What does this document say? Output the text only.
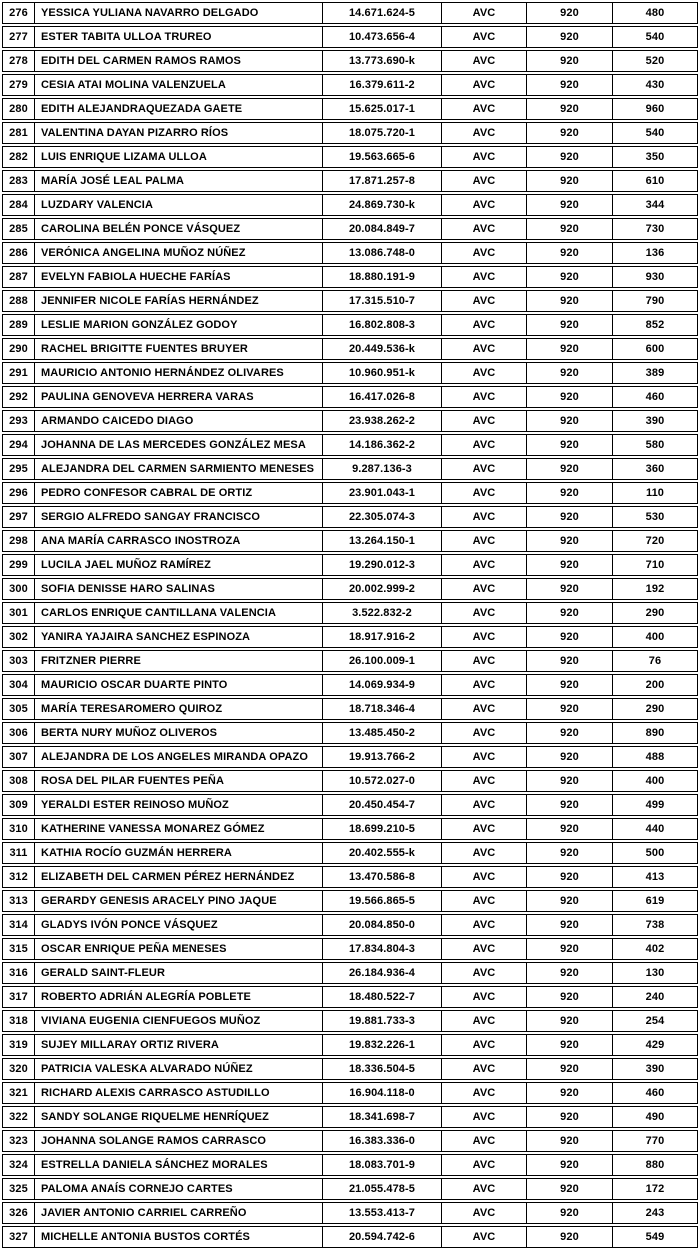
276	YESSICA YULIANA NAVARRO DELGADO	14.671.624-5	AVC	920	480
277	ESTER TABITA ULLOA TRUREO	10.473.656-4	AVC	920	540
278	EDITH DEL CARMEN RAMOS RAMOS	13.773.690-k	AVC	920	520
279	CESIA ATAI MOLINA VALENZUELA	16.379.611-2	AVC	920	430
280	EDITH ALEJANDRAQUEZADA GAETE	15.625.017-1	AVC	920	960
281	VALENTINA DAYAN PIZARRO RÍOS	18.075.720-1	AVC	920	540
282	LUIS ENRIQUE LIZAMA ULLOA	19.563.665-6	AVC	920	350
283	MARÍA JOSÉ LEAL PALMA	17.871.257-8	AVC	920	610
284	LUZDARY VALENCIA	24.869.730-k	AVC	920	344
285	CAROLINA BELÉN PONCE VÁSQUEZ	20.084.849-7	AVC	920	730
286	VERÓNICA ANGELINA MUÑOZ NÚÑEZ	13.086.748-0	AVC	920	136
287	EVELYN FABIOLA HUECHE FARÍAS	18.880.191-9	AVC	920	930
288	JENNIFER NICOLE FARÍAS HERNÁNDEZ	17.315.510-7	AVC	920	790
289	LESLIE MARION GONZÁLEZ GODOY	16.802.808-3	AVC	920	852
290	RACHEL BRIGITTE FUENTES BRUYER	20.449.536-k	AVC	920	600
291	MAURICIO ANTONIO HERNÁNDEZ OLIVARES	10.960.951-k	AVC	920	389
292	PAULINA GENOVEVA HERRERA VARAS	16.417.026-8	AVC	920	460
293	ARMANDO CAICEDO DIAGO	23.938.262-2	AVC	920	390
294	JOHANNA DE LAS MERCEDES GONZÁLEZ MESA	14.186.362-2	AVC	920	580
295	ALEJANDRA DEL CARMEN SARMIENTO MENESES	9.287.136-3	AVC	920	360
296	PEDRO CONFESOR CABRAL DE ORTIZ	23.901.043-1	AVC	920	110
297	SERGIO ALFREDO SANGAY FRANCISCO	22.305.074-3	AVC	920	530
298	ANA MARÍA CARRASCO INOSTROZA	13.264.150-1	AVC	920	720
299	LUCILA JAEL MUÑOZ RAMÍREZ	19.290.012-3	AVC	920	710
300	SOFIA DENISSE HARO SALINAS	20.002.999-2	AVC	920	192
301	CARLOS ENRIQUE CANTILLANA VALENCIA	3.522.832-2	AVC	920	290
302	YANIRA YAJAIRA SANCHEZ ESPINOZA	18.917.916-2	AVC	920	400
303	FRITZNER PIERRE	26.100.009-1	AVC	920	76
304	MAURICIO OSCAR DUARTE PINTO	14.069.934-9	AVC	920	200
305	MARÍA TERESAROMERO QUIROZ	18.718.346-4	AVC	920	290
306	BERTA NURY MUÑOZ OLIVEROS	13.485.450-2	AVC	920	890
307	ALEJANDRA DE LOS ANGELES MIRANDA OPAZO	19.913.766-2	AVC	920	488
308	ROSA DEL PILAR FUENTES PEÑA	10.572.027-0	AVC	920	400
309	YERALDI ESTER REINOSO MUÑOZ	20.450.454-7	AVC	920	499
310	KATHERINE VANESSA MONAREZ GÓMEZ	18.699.210-5	AVC	920	440
311	KATHIA ROCÍO GUZMÁN HERRERA	20.402.555-k	AVC	920	500
312	ELIZABETH DEL CARMEN PÉREZ HERNÁNDEZ	13.470.586-8	AVC	920	413
313	GERARDY GENESIS ARACELY PINO JAQUE	19.566.865-5	AVC	920	619
314	GLADYS IVÓN PONCE VÁSQUEZ	20.084.850-0	AVC	920	738
315	OSCAR ENRIQUE PEÑA MENESES	17.834.804-3	AVC	920	402
316	GERALD SAINT-FLEUR	26.184.936-4	AVC	920	130
317	ROBERTO ADRIÁN ALEGRÍA POBLETE	18.480.522-7	AVC	920	240
318	VIVIANA EUGENIA CIENFUEGOS MUÑOZ	19.881.733-3	AVC	920	254
319	SUJEY MILLARAY ORTIZ RIVERA	19.832.226-1	AVC	920	429
320	PATRICIA VALESKA ALVARADO NÚÑEZ	18.336.504-5	AVC	920	390
321	RICHARD ALEXIS CARRASCO ASTUDILLO	16.904.118-0	AVC	920	460
322	SANDY SOLANGE RIQUELME HENRÍQUEZ	18.341.698-7	AVC	920	490
323	JOHANNA SOLANGE RAMOS CARRASCO	16.383.336-0	AVC	920	770
324	ESTRELLA DANIELA SÁNCHEZ MORALES	18.083.701-9	AVC	920	880
325	PALOMA ANAÍS CORNEJO CARTES	21.055.478-5	AVC	920	172
326	JAVIER ANTONIO CARRIEL CARREÑO	13.553.413-7	AVC	920	243
327	MICHELLE ANTONIA BUSTOS CORTÉS	20.594.742-6	AVC	920	549
